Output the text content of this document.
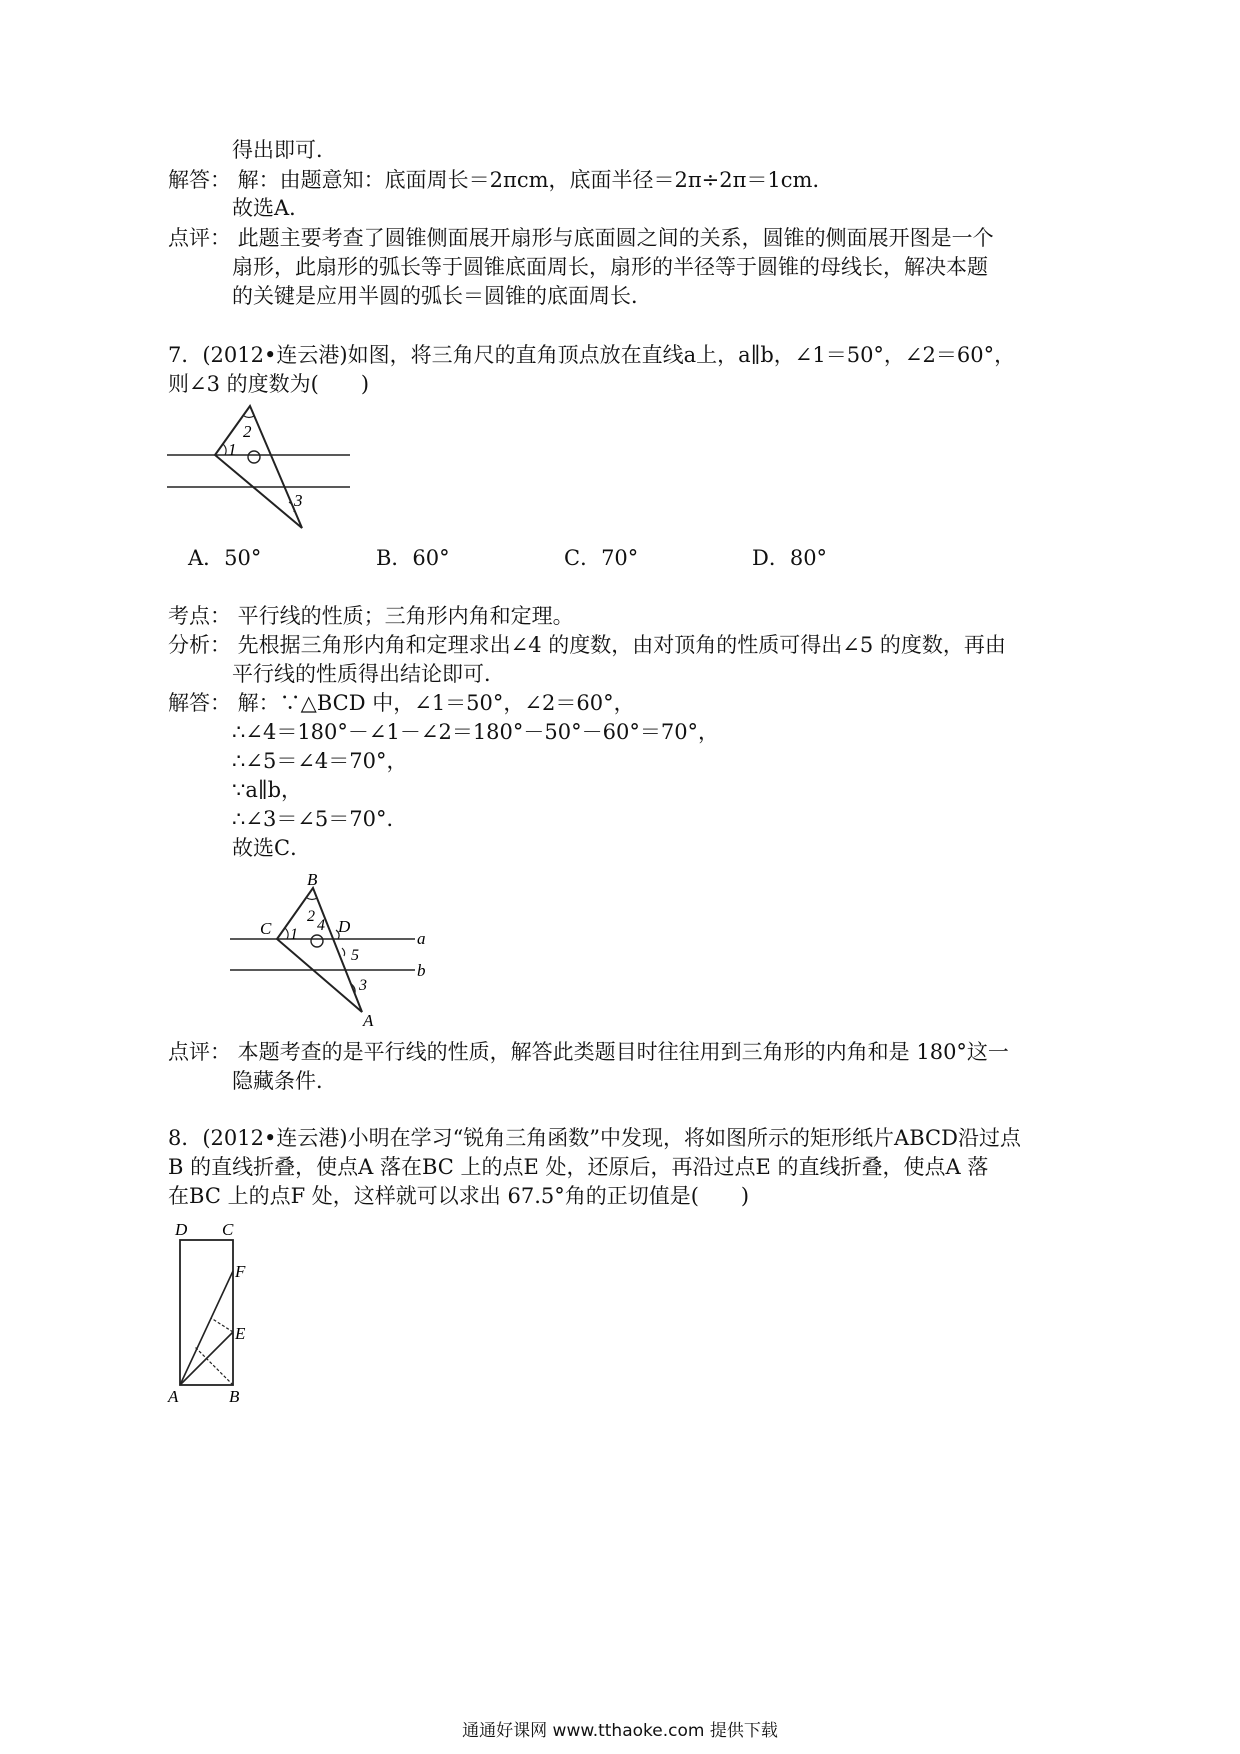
得出即可．
解答： 解：由题意知：底面周长＝2πcm，底面半径＝2π÷2π＝1cm．
故选A．
点评： 此题主要考查了圆锥侧面展开扇形与底面圆之间的关系，圆锥的侧面展开图是一个
扇形，此扇形的弧长等于圆锥底面周长，扇形的半径等于圆锥的母线长，解决本题
的关键是应用半圆的弧长＝圆锥的底面周长．
7．(2012•连云港)如图，将三角尺的直角顶点放在直线a上，a∥b，∠1＝50°，∠2＝60°，
则∠3 的度数为(　　)
2
1
3
A．50°	B．60°	C．70°	D．80°
考点： 平行线的性质；三角形内角和定理。
分析： 先根据三角形内角和定理求出∠4 的度数，由对顶角的性质可得出∠5 的度数，再由
平行线的性质得出结论即可．
解答： 解：∵△BCD 中，∠1＝50°，∠2＝60°，
∴∠4＝180°－∠1－∠2＝180°－50°－60°＝70°，
∴∠5＝∠4＝70°，
∵a∥b，
∴∠3＝∠5＝70°．
故选C．
B
C	D
A
a
b
1
2
4
5
3
点评： 本题考查的是平行线的性质，解答此类题目时往往用到三角形的内角和是 180°这一
隐藏条件．
8．(2012•连云港)小明在学习“锐角三角函数”中发现，将如图所示的矩形纸片ABCD沿过点
B 的直线折叠，使点A 落在BC 上的点E 处，还原后，再沿过点E 的直线折叠，使点A 落
在BC 上的点F 处，这样就可以求出 67.5°角的正切值是(　　)
D C
F
E
A	B
通通好课网 www.tthaoke.com 提供下载
